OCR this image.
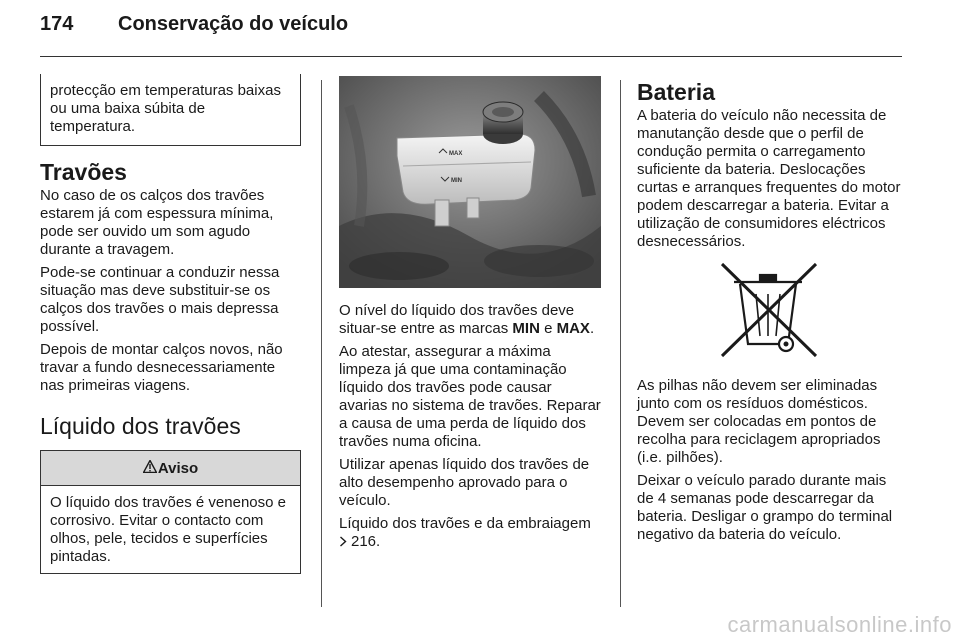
174 Conservação do veículo

protecção em temperaturas baixas ou uma baixa súbita de temperatura.

Travões

No caso de os calços dos travões estarem já com espessura mínima, pode ser ouvido um som agudo durante a travagem.

Pode-se continuar a conduzir nessa situação mas deve substituir-se os calços dos travões o mais depressa possível.

Depois de montar calços novos, não travar a fundo desnecessariamente nas primeiras viagens.

Líquido dos travões
Aviso

O líquido dos travões é venenoso e corrosivo. Evitar o contacto com olhos, pele, tecidos e superfícies pintadas.

MAX
MIN

O nível do líquido dos travões deve situar-se entre as marcas MIN e MAX.

Ao atestar, assegurar a máxima limpeza já que uma contaminação líquido dos travões pode causar avarias no sistema de travões. Reparar a causa de uma perda de líquido dos travões numa oficina.

Utilizar apenas líquido dos travões de alto desempenho aprovado para o veículo.

Líquido dos travões e da embraiagem
216.

Bateria

A bateria do veículo não necessita de manutanção desde que o perfil de condução permita o carregamento suficiente da bateria. Deslocações curtas e arranques frequentes do motor podem descarregar a bateria. Evitar a utilização de consumidores eléctricos desnecessários.

As pilhas não devem ser eliminadas junto com os resíduos domésticos. Devem ser colocadas em pontos de recolha para reciclagem apropriados (i.e. pilhões).

Deixar o veículo parado durante mais de 4 semanas pode descarregar da bateria. Desligar o grampo do terminal negativo da bateria do veículo.

carmanualsonline.info
